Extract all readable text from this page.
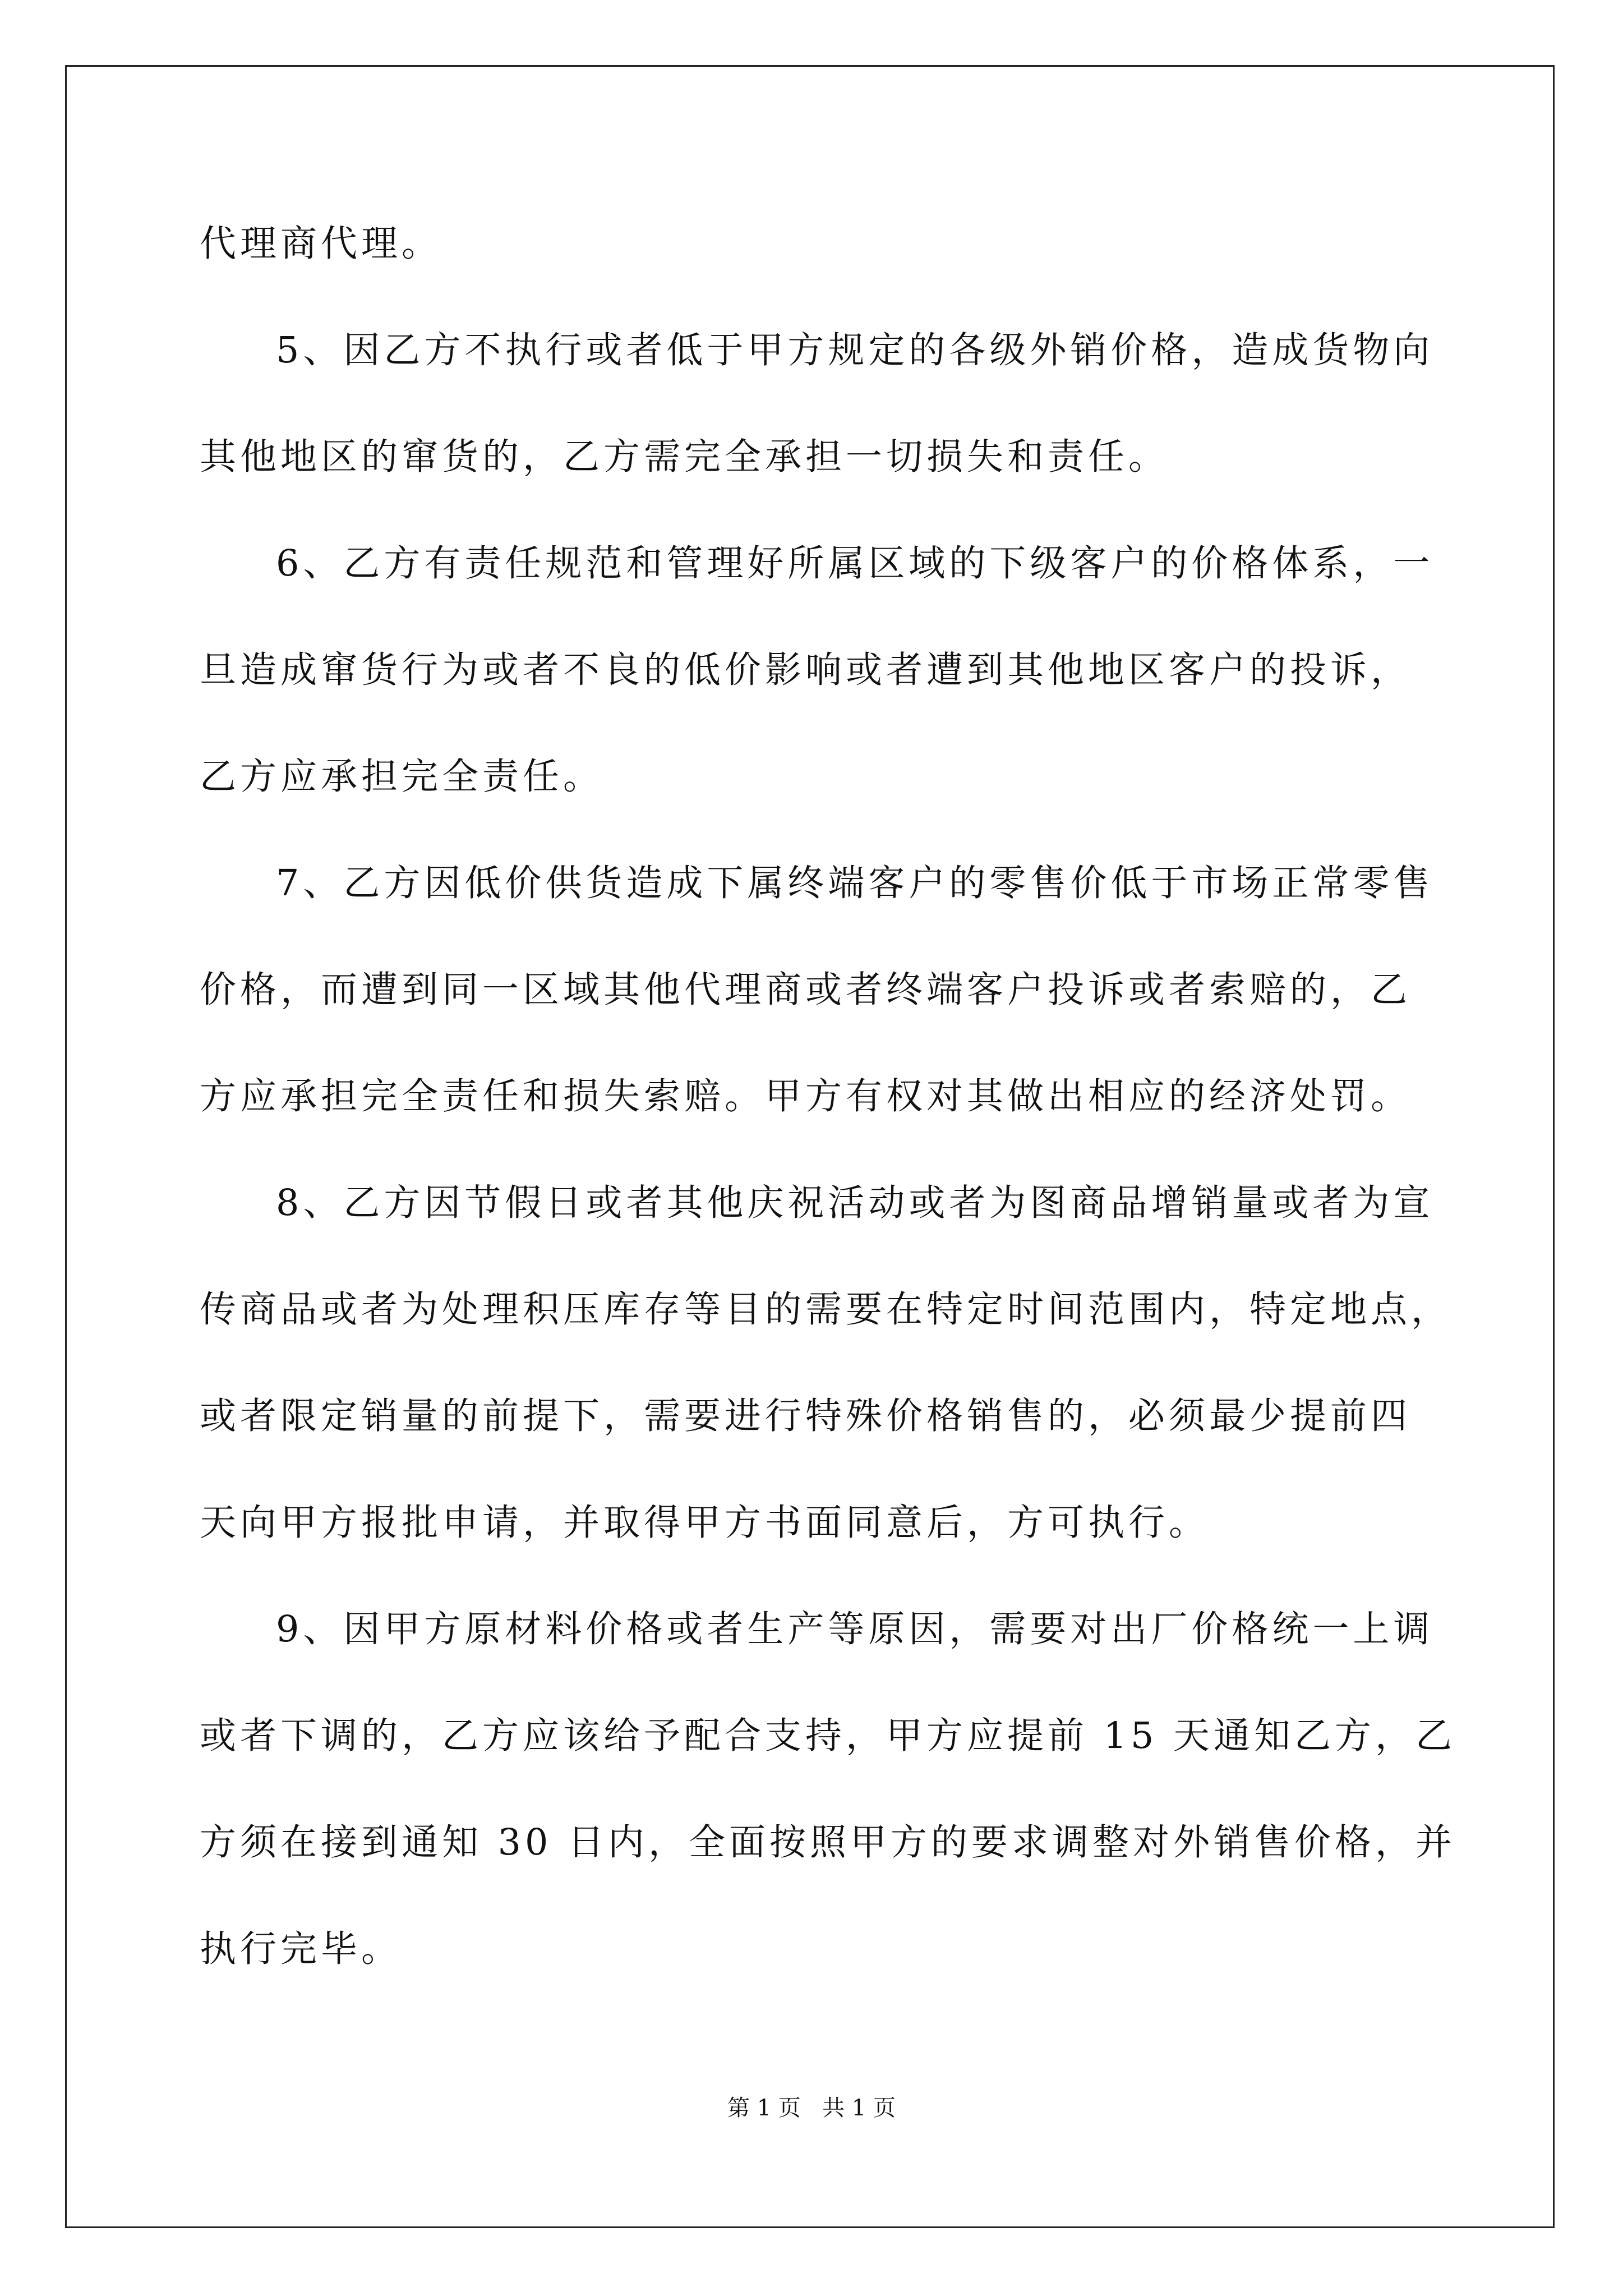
代理商代理。
5、因乙方不执行或者低于甲方规定的各级外销价格，造成货物向
其他地区的窜货的，乙方需完全承担一切损失和责任。
6、乙方有责任规范和管理好所属区域的下级客户的价格体系，一
旦造成窜货行为或者不良的低价影响或者遭到其他地区客户的投诉，
乙方应承担完全责任。
7、乙方因低价供货造成下属终端客户的零售价低于市场正常零售
价格，而遭到同一区域其他代理商或者终端客户投诉或者索赔的，乙
方应承担完全责任和损失索赔。甲方有权对其做出相应的经济处罚。
8、乙方因节假日或者其他庆祝活动或者为图商品增销量或者为宣
传商品或者为处理积压库存等目的需要在特定时间范围内，特定地点，
或者限定销量的前提下，需要进行特殊价格销售的，必须最少提前四
天向甲方报批申请，并取得甲方书面同意后，方可执行。
9、因甲方原材料价格或者生产等原因，需要对出厂价格统一上调
或者下调的，乙方应该给予配合支持，甲方应提前 15 天通知乙方，乙
方须在接到通知 30 日内，全面按照甲方的要求调整对外销售价格，并
执行完毕。
第 1 页   共 1 页
